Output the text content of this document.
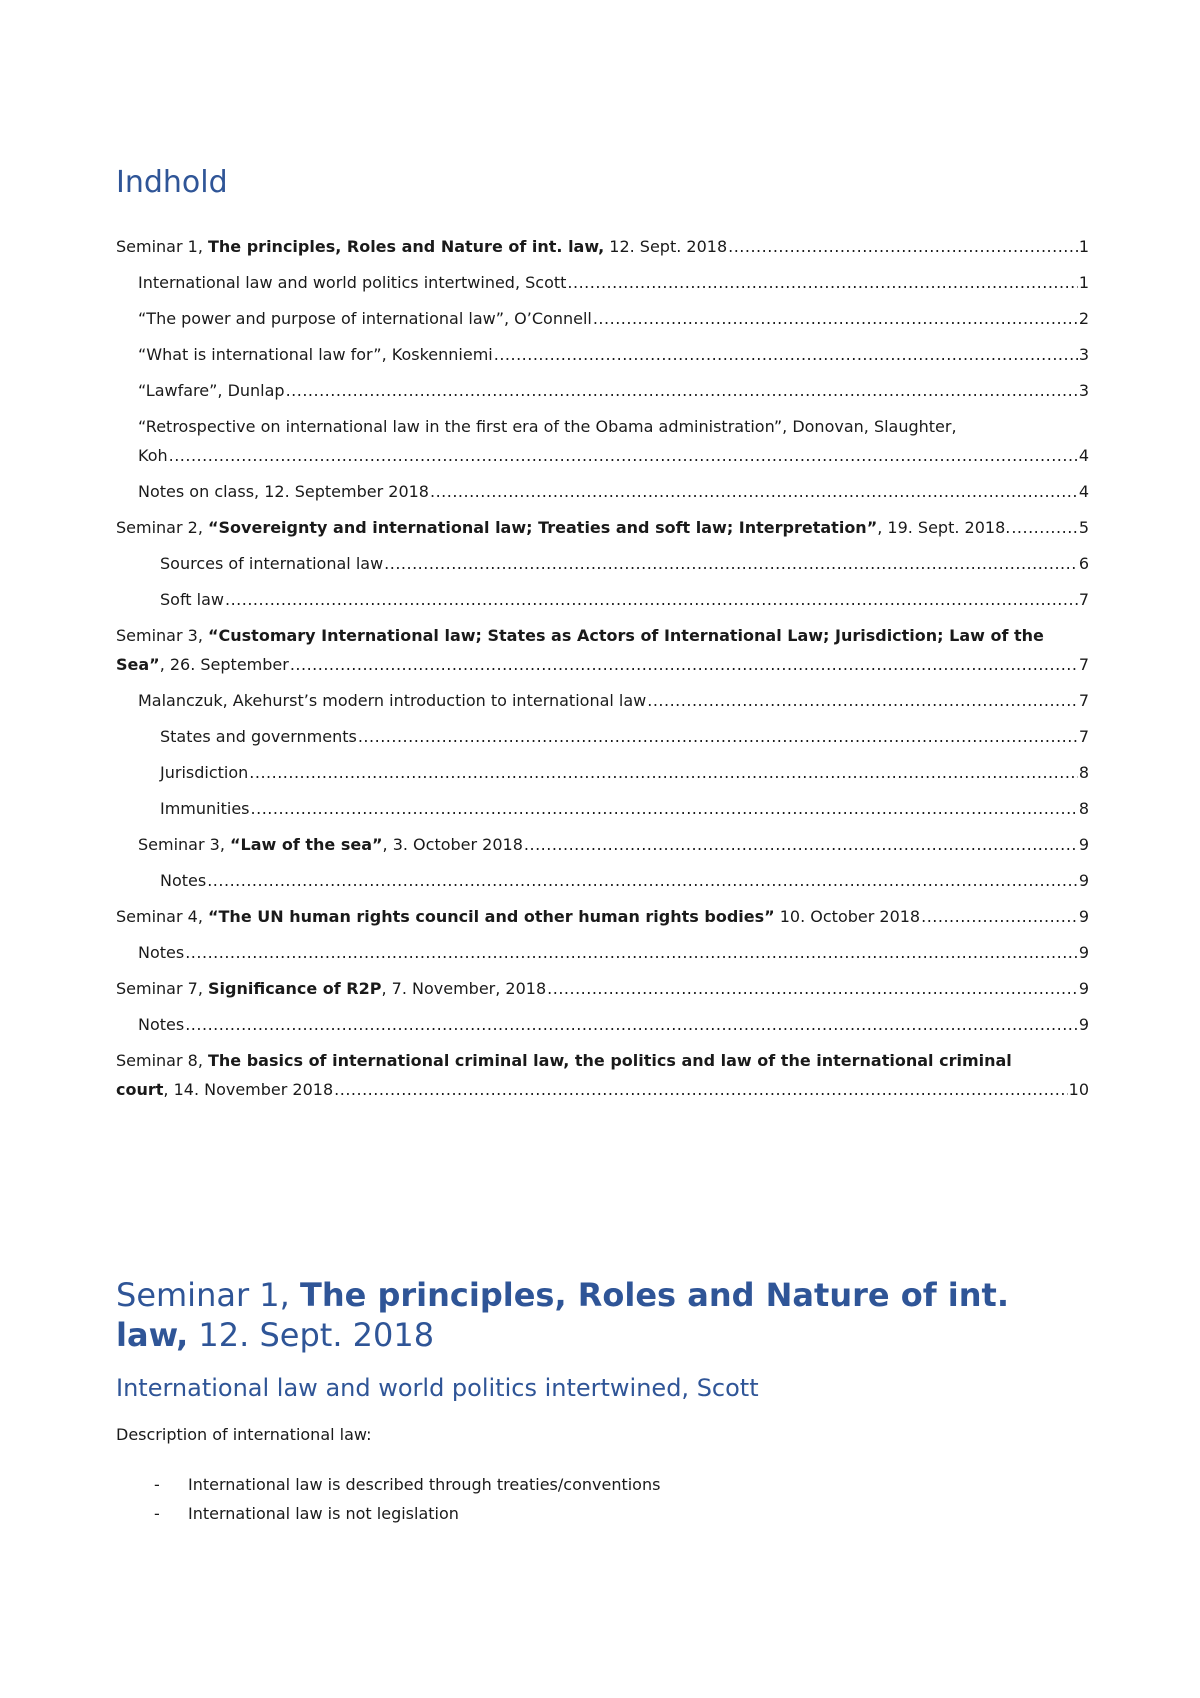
Indhold
Seminar 1, The principles, Roles and Nature of int. law, 12. Sept. 2018 .....	1
International law and world politics intertwined, Scott .....	1
“The power and purpose of international law”, O’Connell .....	2
“What is international law for”, Koskenniemi .....	3
“Lawfare”, Dunlap .....	3
“Retrospective on international law in the first era of the Obama administration”, Donovan, Slaughter,
Koh .....	4
Notes on class, 12. September 2018 .....	4
Seminar 2, “Sovereignty and international law; Treaties and soft law; Interpretation”, 19. Sept. 2018. .....	5
Sources of international law .....	6
Soft law .....	7
Seminar 3, “Customary International law; States as Actors of International Law; Jurisdiction; Law of the
Sea”, 26. September .....	7
Malanczuk, Akehurst’s modern introduction to international law .....	7
States and governments .....	7
Jurisdiction .....	8
Immunities .....	8
Seminar 3, “Law of the sea”, 3. October 2018 .....	9
Notes .....	9
Seminar 4, “The UN human rights council and other human rights bodies” 10. October 2018 .....	9
Notes .....	9
Seminar 7, Significance of R2P, 7. November, 2018 .....	9
Notes .....	9
Seminar 8, The basics of international criminal law, the politics and law of the international criminal
court, 14. November 2018 .....	10
Seminar 1, The principles, Roles and Nature of int. law, 12. Sept. 2018
International law and world politics intertwined, Scott

Description of international law:

-	International law is described through treaties/conventions
-	International law is not legislation
